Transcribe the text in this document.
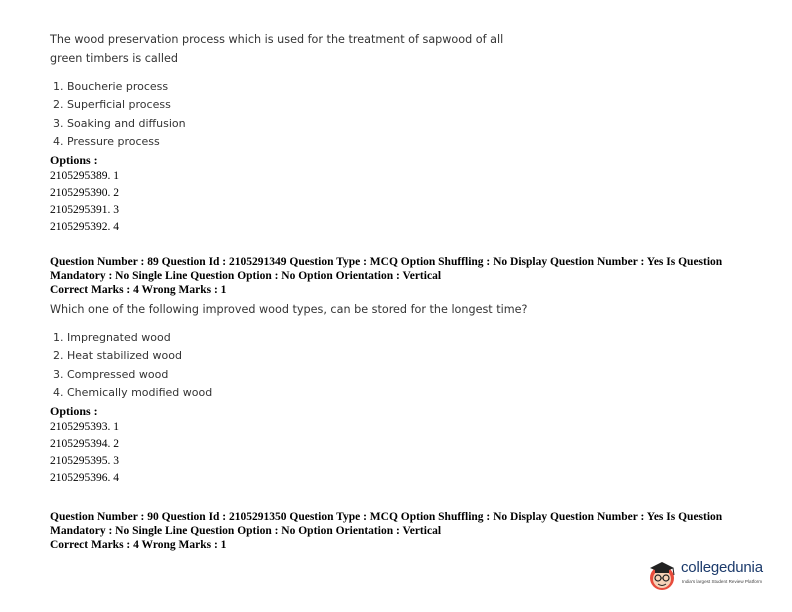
The wood preservation process which is used for the treatment of sapwood of all green timbers is called

1. Boucherie process
2. Superficial process
3. Soaking and diffusion
4. Pressure process
Options :
2105295389. 1
2105295390. 2
2105295391. 3
2105295392. 4

Question Number : 89 Question Id : 2105291349 Question Type : MCQ Option Shuffling : No Display Question Number : Yes Is Question Mandatory : No Single Line Question Option : No Option Orientation : Vertical

Correct Marks : 4 Wrong Marks : 1

Which one of the following improved wood types, can be stored for the longest time?

1. Impregnated wood
2. Heat stabilized wood
3. Compressed wood
4. Chemically modified wood
Options :
2105295393. 1
2105295394. 2
2105295395. 3
2105295396. 4

Question Number : 90 Question Id : 2105291350 Question Type : MCQ Option Shuffling : No Display Question Number : Yes Is Question Mandatory : No Single Line Question Option : No Option Orientation : Vertical

Correct Marks : 4 Wrong Marks : 1

collegedunia
India's largest Student Review Platform
